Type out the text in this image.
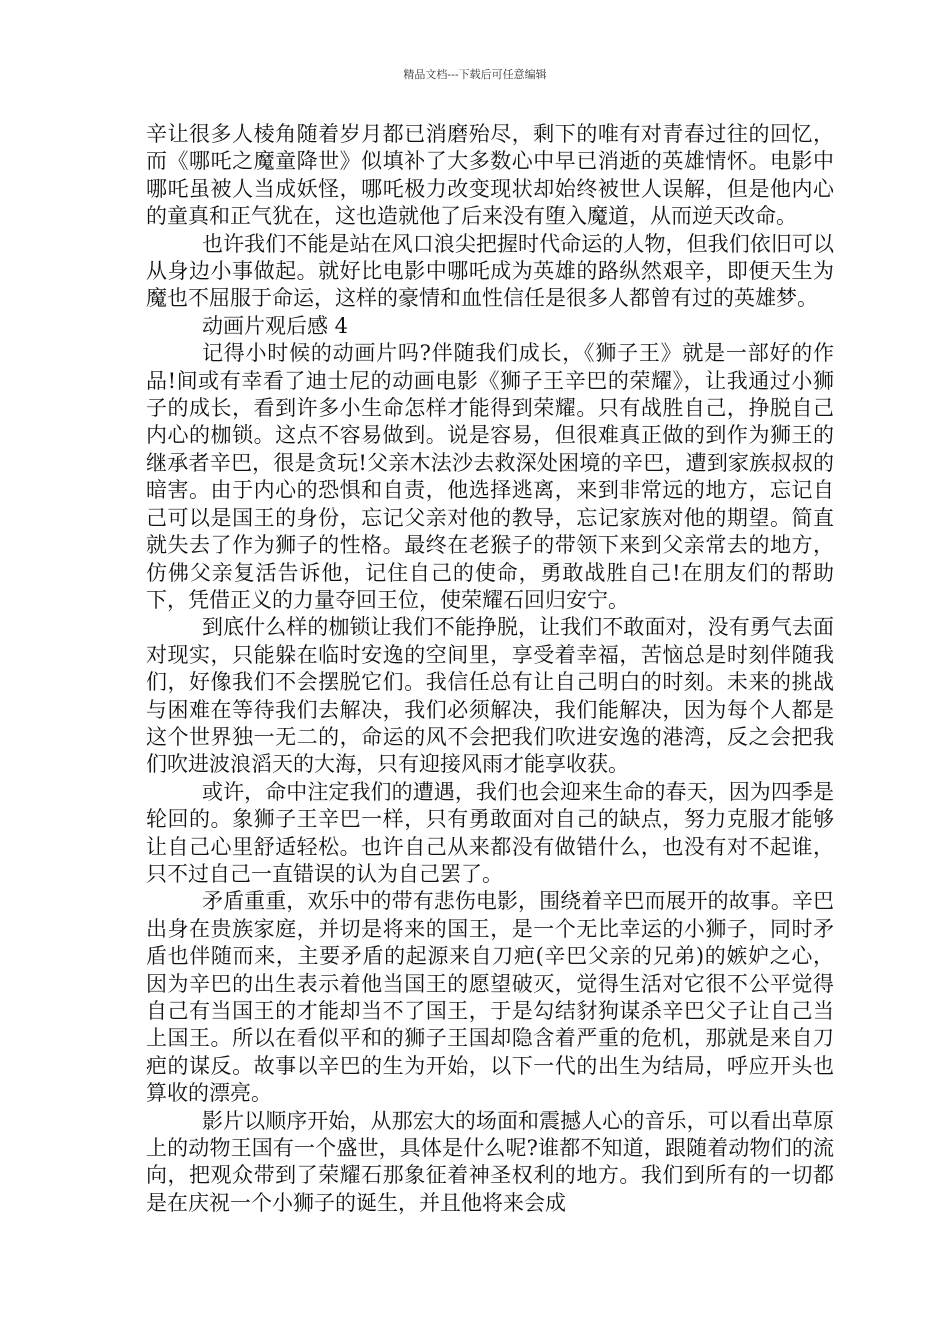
精品文档---下载后可任意编辑

辛让很多人棱角随着岁月都已消磨殆尽，剩下的唯有对青春过往的回忆，而《哪吒之魔童降世》似填补了大多数心中早已消逝的英雄情怀。电影中哪吒虽被人当成妖怪，哪吒极力改变现状却始终被世人误解，但是他内心的童真和正气犹在，这也造就他了后来没有堕入魔道，从而逆天改命。

也许我们不能是站在风口浪尖把握时代命运的人物，但我们依旧可以从身边小事做起。就好比电影中哪吒成为英雄的路纵然艰辛，即便天生为魔也不屈服于命运，这样的豪情和血性信任是很多人都曾有过的英雄梦。

动画片观后感 4

记得小时候的动画片吗?伴随我们成长，《狮子王》就是一部好的作品!间或有幸看了迪士尼的动画电影《狮子王辛巴的荣耀》，让我通过小狮子的成长，看到许多小生命怎样才能得到荣耀。只有战胜自己，挣脱自己内心的枷锁。这点不容易做到。说是容易，但很难真正做的到作为狮王的继承者辛巴，很是贪玩!父亲木法沙去救深处困境的辛巴，遭到家族叔叔的暗害。由于内心的恐惧和自责，他选择逃离，来到非常远的地方，忘记自己可以是国王的身份，忘记父亲对他的教导，忘记家族对他的期望。简直就失去了作为狮子的性格。最终在老猴子的带领下来到父亲常去的地方，仿佛父亲复活告诉他，记住自己的使命，勇敢战胜自己!在朋友们的帮助下，凭借正义的力量夺回王位，使荣耀石回归安宁。

到底什么样的枷锁让我们不能挣脱，让我们不敢面对，没有勇气去面对现实，只能躲在临时安逸的空间里，享受着幸福，苦恼总是时刻伴随我们，好像我们不会摆脱它们。我信任总有让自己明白的时刻。未来的挑战与困难在等待我们去解决，我们必须解决，我们能解决，因为每个人都是这个世界独一无二的，命运的风不会把我们吹进安逸的港湾，反之会把我们吹进波浪滔天的大海，只有迎接风雨才能享收获。

或许，命中注定我们的遭遇，我们也会迎来生命的春天，因为四季是轮回的。象狮子王辛巴一样，只有勇敢面对自己的缺点，努力克服才能够让自己心里舒适轻松。也许自己从来都没有做错什么，也没有对不起谁，只不过自己一直错误的认为自己罢了。

矛盾重重，欢乐中的带有悲伤电影，围绕着辛巴而展开的故事。辛巴出身在贵族家庭，并切是将来的国王，是一个无比幸运的小狮子，同时矛盾也伴随而来，主要矛盾的起源来自刀疤(辛巴父亲的兄弟)的嫉妒之心，因为辛巴的出生表示着他当国王的愿望破灭，觉得生活对它很不公平觉得自己有当国王的才能却当不了国王，于是勾结豺狗谋杀辛巴父子让自己当上国王。所以在看似平和的狮子王国却隐含着严重的危机，那就是来自刀疤的谋反。故事以辛巴的生为开始，以下一代的出生为结局，呼应开头也算收的漂亮。

影片以顺序开始，从那宏大的场面和震撼人心的音乐，可以看出草原上的动物王国有一个盛世，具体是什么呢?谁都不知道，跟随着动物们的流向，把观众带到了荣耀石那象征着神圣权利的地方。我们到所有的一切都是在庆祝一个小狮子的诞生，并且他将来会成
